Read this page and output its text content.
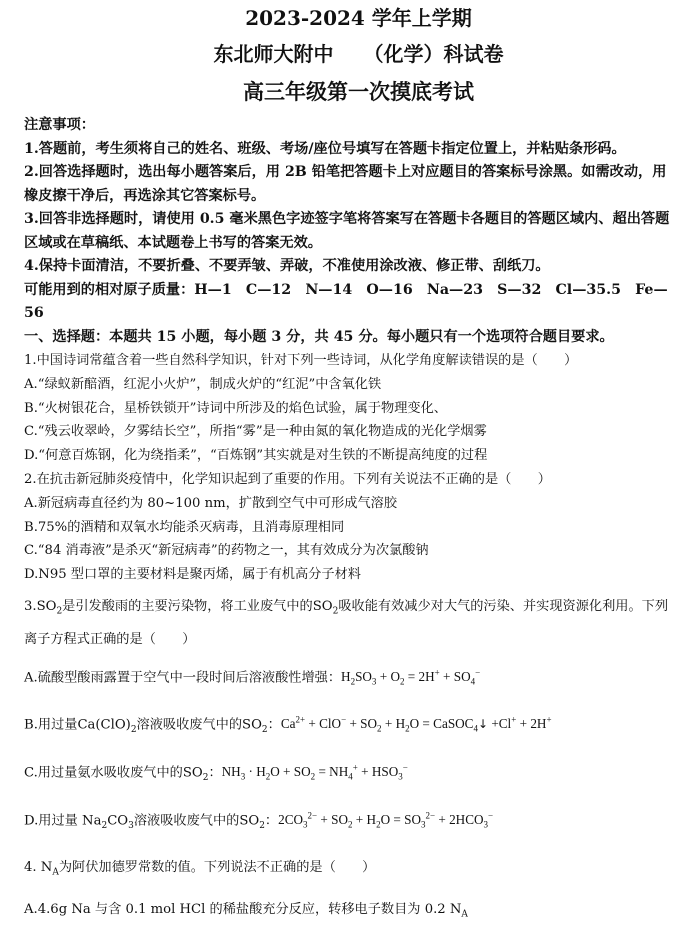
2023-2024 学年上学期

东北师大附中 （化学）科试卷

高三年级第一次摸底考试

注意事项：

1.答题前，考生须将自己的姓名、班级、考场/座位号填写在答题卡指定位置上，并粘贴条形码。

2.回答选择题时，选出每小题答案后，用 2B 铅笔把答题卡上对应题目的答案标号涂黑。如需改动，用橡皮擦干净后，再选涂其它答案标号。

3.回答非选择题时，请使用 0.5 毫米黑色字迹签字笔将答案写在答题卡各题目的答题区域内、超出答题区域或在草稿纸、本试题卷上书写的答案无效。

4.保持卡面清洁，不要折叠、不要弄皱、弄破，不准使用涂改液、修正带、刮纸刀。

可能用到的相对原子质量：H—1　C—12　N—14　O—16　Na—23　S—32　Cl—35.5　Fe—56

一、选择题：本题共 15 小题，每小题 3 分，共 45 分。每小题只有一个选项符合题目要求。

1.中国诗词常蕴含着一些自然科学知识，针对下列一些诗词，从化学角度解读错误的是（　　）

A.“绿蚁新醅酒，红泥小火炉”，制成火炉的“红泥”中含氧化铁

B.“火树银花合，星桥铁锁开”诗词中所涉及的焰色试验，属于物理变化、

C.“残云收翠岭，夕雾结长空”，所指“雾”是一种由氮的氧化物造成的光化学烟雾

D.“何意百炼钢，化为绕指柔”，“百炼钢”其实就是对生铁的不断提高纯度的过程

2.在抗击新冠肺炎疫情中，化学知识起到了重要的作用。下列有关说法不正确的是（　　）

A.新冠病毒直径约为 80~100 nm，扩散到空气中可形成气溶胶

B.75%的酒精和双氧水均能杀灭病毒，且消毒原理相同

C.“84 消毒液”是杀灭“新冠病毒”的药物之一，其有效成分为次氯酸钠

D.N95 型口罩的主要材料是聚丙烯，属于有机高分子材料

$3.SO_2$是引发酸雨的主要污染物，将工业废气中的$SO_2$吸收能有效减少对大气的污染、并实现资源化利用。下列离子方程式正确的是（　　）

A.硫酸型酸雨露置于空气中一段时间后溶液酸性增强：$H_2SO_3 + O_2 = 2H^+ + SO_4^-$

B.用过量$Ca(ClO)_2$溶液吸收废气中的$SO_2$：$Ca^{2+} + ClO^- + SO_2 + H_2O$ = CaSOC$_4$↓ +Cl+ + 2H+

C.用过量氨水吸收废气中的$SO_2$：$NH_3 \cdot H_2O + SO_2 = NH_4^+ + HSO_3^-$

D.用过量 $Na_2CO_3$溶液吸收废气中的$SO_2$：$2CO_3^{2-} + SO_2 + H_2O = SO_3^{2-} + 2HCO_3^-$

4. $N_A$为阿伏加德罗常数的值。下列说法不正确的是（　　）

A.4.6g Na 与含 0.1 mol HCl 的稀盐酸充分反应，转移电子数目为 0.2 $N_A$
